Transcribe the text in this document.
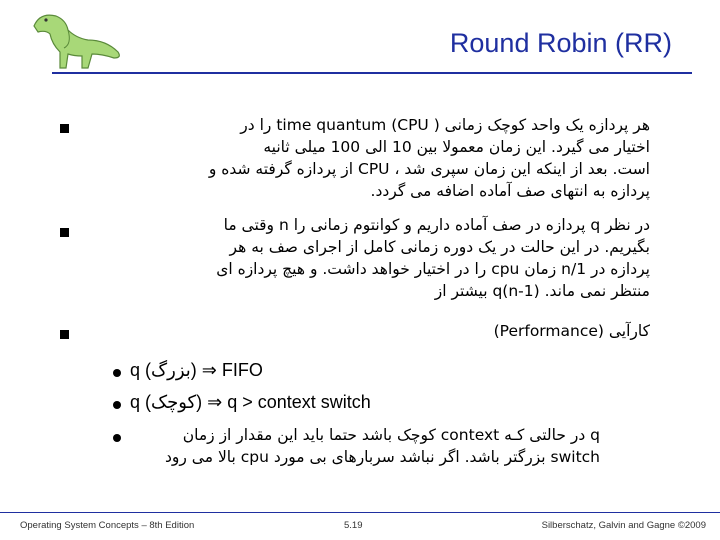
Round Robin (RR)
هر پردازه یک واحد کوچک زمانی ( time quantum (CPU را در
اختیار می گیرد. این زمان معمولا بین 10 الی 100 میلی ثانیه
است. بعد از اینکه این زمان سپری شد ، CPU از پردازه گرفته شده و
پردازه به انتهای صف آماده اضافه می گردد.
در نظر q پردازه در صف آماده داریم و کوانتوم زمانی را n وقتی ما
بگیریم. در این حالت در یک دوره زمانی کامل از اجرای صف به هر
پردازه در 1/n زمان cpu را در اختیار خواهد داشت. و هیچ پردازه ای
منتظر نمی ماند. (n-1)q بیشتر از
کارآیی (Performance)
q (بزرگ) ⇒ FIFO
q (کوچک) ⇒ q > context switch
q در حالتی کـه context کوچک باشد حتما باید این مقدار از زمان
switch بزرگتر باشد. اگر نباشد سربارهای بی مورد cpu بالا می رود
Operating System Concepts – 8th Edition	5.19	Silberschatz, Galvin and Gagne ©2009
